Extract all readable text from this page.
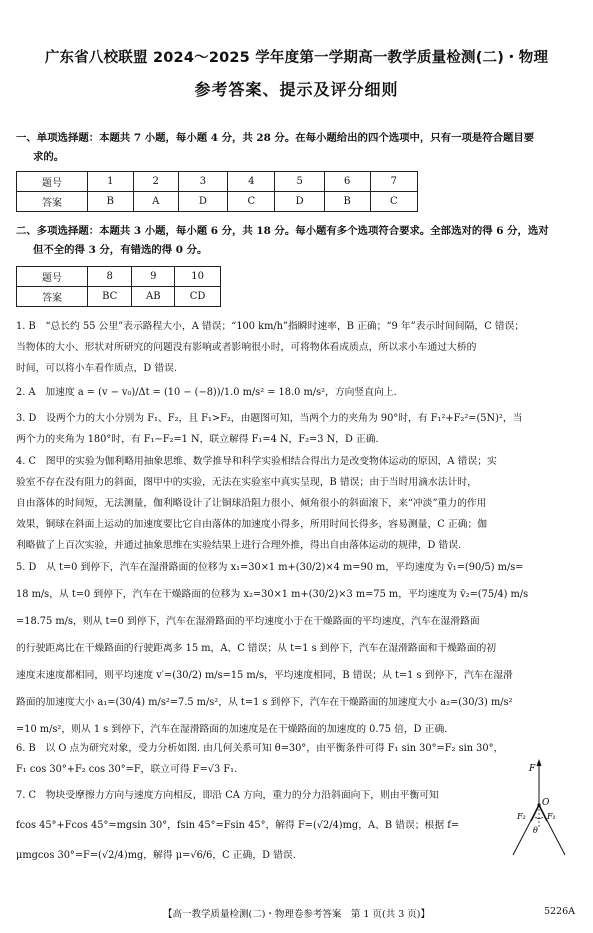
广东省八校联盟 2024～2025 学年度第一学期高一教学质量检测(二)・物理
参考答案、提示及评分细则
一、单项选择题：本题共 7 小题，每小题 4 分，共 28 分。在每小题给出的四个选项中，只有一项是符合题目要
求的。
题号	1	2	3	4	5	6	7
答案	B	A	D	C	D	B	C
二、多项选择题：本题共 3 小题，每小题 6 分，共 18 分。每小题有多个选项符合要求。全部选对的得 6 分，选对
但不全的得 3 分，有错选的得 0 分。
题号	8	9	10
答案	BC	AB	CD
1. B　“总长约 55 公里”表示路程大小，A 错误；“100 km/h”指瞬时速率，B 正确；“9 年”表示时间间隔，C 错误；
当物体的大小、形状对所研究的问题没有影响或者影响很小时，可将物体看成质点，所以求小车通过大桥的
时间，可以将小车看作质点，D 错误.
2. A　加速度 a = (v − v₀)/Δt = (10 − (−8))/1.0 m/s² = 18.0 m/s²，方向竖直向上.
3. D　设两个力的大小分别为 F₁、F₂，且 F₁>F₂，由题图可知，当两个力的夹角为 90°时，有 F₁²+F₂²=(5N)²，当
两个力的夹角为 180°时，有 F₁−F₂=1 N，联立解得 F₁=4 N，F₂=3 N，D 正确.
4. C　图甲的实验为伽利略用抽象思维、数学推导和科学实验相结合得出力是改变物体运动的原因，A 错误；实
验室不存在没有阻力的斜面，图甲中的实验，无法在实验室中真实呈现，B 错误；由于当时用滴水法计时，
自由落体的时间短，无法测量，伽利略设计了让铜球沿阻力很小、倾角很小的斜面滚下，来“冲淡”重力的作用
效果，铜球在斜面上运动的加速度要比它自由落体的加速度小得多，所用时间长得多，容易测量，C 正确；伽
利略做了上百次实验，并通过抽象思维在实验结果上进行合理外推，得出自由落体运动的规律，D 错误.
5. D　从 t=0 到停下，汽车在湿滑路面的位移为 x₁=30×1 m+(30/2)×4 m=90 m，平均速度为 v̄₁=(90/5) m/s=
18 m/s，从 t=0 到停下，汽车在干燥路面的位移为 x₂=30×1 m+(30/2)×3 m=75 m，平均速度为 v̄₂=(75/4) m/s
=18.75 m/s，则从 t=0 到停下，汽车在湿滑路面的平均速度小于在干燥路面的平均速度，汽车在湿滑路面
的行驶距离比在干燥路面的行驶距离多 15 m，A、C 错误；从 t=1 s 到停下，汽车在湿滑路面和干燥路面的初
速度末速度都相同，则平均速度 v′=(30/2) m/s=15 m/s，平均速度相同，B 错误；从 t=1 s 到停下，汽车在湿滑
路面的加速度大小 a₁=(30/4) m/s²=7.5 m/s²，从 t=1 s 到停下，汽车在干燥路面的加速度大小 a₂=(30/3) m/s²
=10 m/s²，则从 1 s 到停下，汽车在湿滑路面的加速度是在干燥路面的加速度的 0.75 倍，D 正确.
6. B　以 O 点为研究对象，受力分析如图. 由几何关系可知 θ=30°，由平衡条件可得 F₁ sin 30°=F₂ sin 30°，
F₁ cos 30°+F₂ cos 30°=F，联立可得 F=√3 F₁.
7. C　物块受摩擦力方向与速度方向相反，即沿 CA 方向，重力的分力沿斜面向下，则由平衡可知
fcos 45°+Fcos 45°=mgsin 30°，fsin 45°=Fsin 45°，解得 F=(√2/4)mg，A、B 错误；根据 f=
μmgcos 30°=F=(√2/4)mg，解得 μ=√6/6，C 正确，D 错误.
F
O
F₁
F₂
θ
【高一教学质量检测(二)・物理卷参考答案　第 1 页(共 3 页)】	5226A
